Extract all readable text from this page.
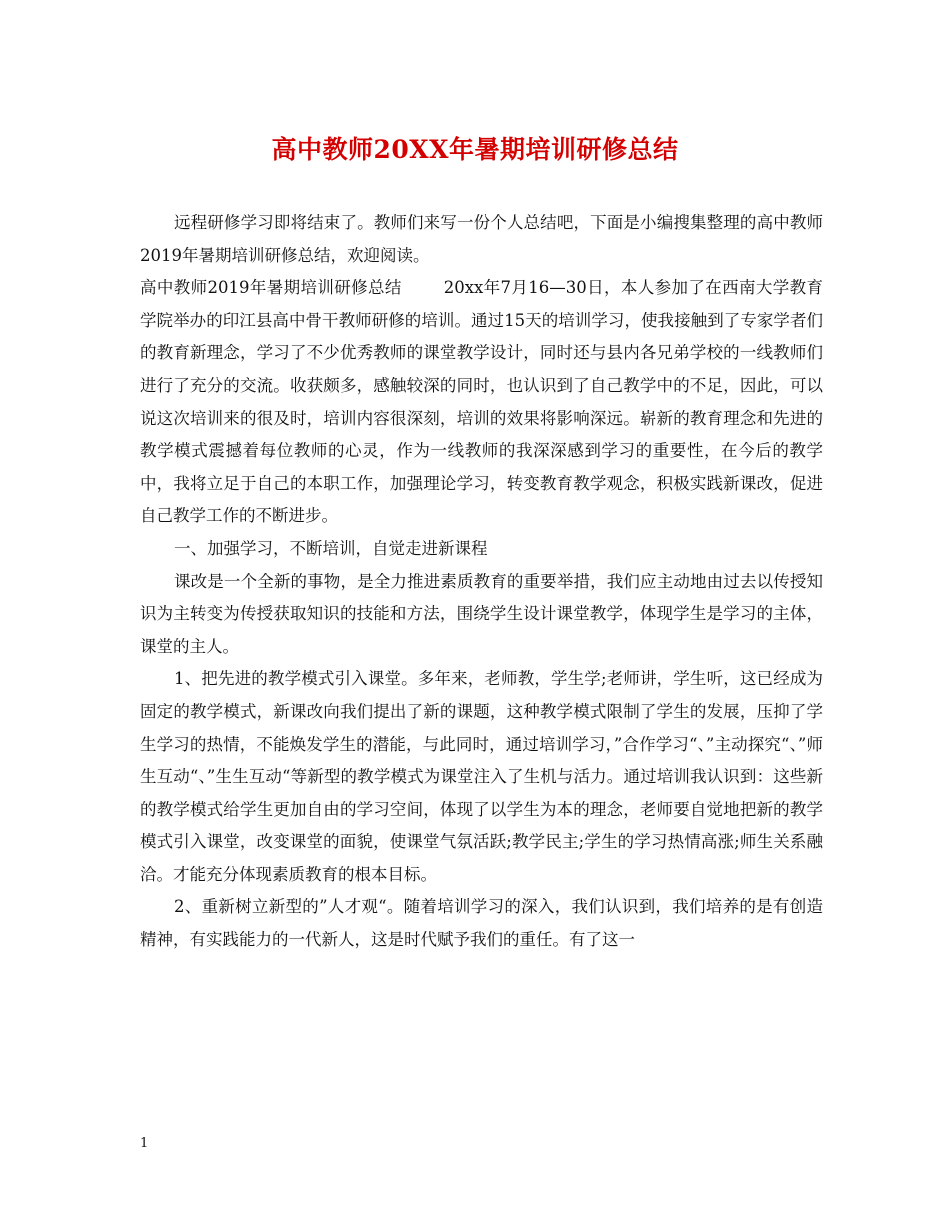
高中教师20XX年暑期培训研修总结

远程研修学习即将结束了。教师们来写一份个人总结吧，下面是小编搜集整理的高中教师2019年暑期培训研修总结，欢迎阅读。

高中教师2019年暑期培训研修总结	20xx年7月16—30日，本人参加了在西南大学教育学院举办的印江县高中骨干教师研修的培训。通过15天的培训学习，使我接触到了专家学者们的教育新理念，学习了不少优秀教师的课堂教学设计，同时还与县内各兄弟学校的一线教师们进行了充分的交流。收获颇多，感触较深的同时，也认识到了自己教学中的不足，因此，可以说这次培训来的很及时，培训内容很深刻，培训的效果将影响深远。崭新的教育理念和先进的教学模式震撼着每位教师的心灵，作为一线教师的我深深感到学习的重要性，在今后的教学中，我将立足于自己的本职工作，加强理论学习，转变教育教学观念，积极实践新课改，促进自己教学工作的不断进步。

一、加强学习，不断培训，自觉走进新课程

课改是一个全新的事物，是全力推进素质教育的重要举措，我们应主动地由过去以传授知识为主转变为传授获取知识的技能和方法，围绕学生设计课堂教学，体现学生是学习的主体，课堂的主人。

1、把先进的教学模式引入课堂。多年来，老师教，学生学;老师讲，学生听，这已经成为固定的教学模式，新课改向我们提出了新的课题，这种教学模式限制了学生的发展，压抑了学生学习的热情，不能焕发学生的潜能，与此同时，通过培训学习，”合作学习“、”主动探究“、”师生互动“、”生生互动“等新型的教学模式为课堂注入了生机与活力。通过培训我认识到：这些新的教学模式给学生更加自由的学习空间，体现了以学生为本的理念，老师要自觉地把新的教学模式引入课堂，改变课堂的面貌，使课堂气氛活跃;教学民主;学生的学习热情高涨;师生关系融洽。才能充分体现素质教育的根本目标。

2、重新树立新型的”人才观“。随着培训学习的深入，我们认识到，我们培养的是有创造精神，有实践能力的一代新人，这是时代赋予我们的重任。有了这一

1
